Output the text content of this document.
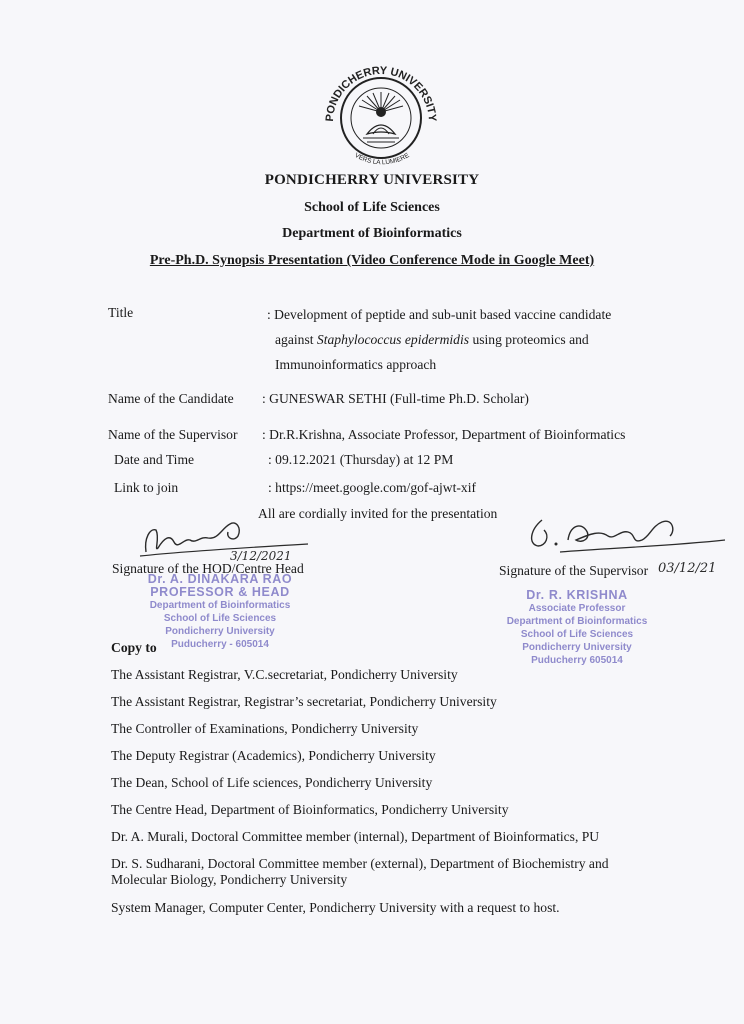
PONDICHERRY UNIVERSITY
VERS LA LUMIERE
PONDICHERRY UNIVERSITY
School of Life Sciences
Department of Bioinformatics
Pre-Ph.D. Synopsis Presentation (Video Conference Mode in Google Meet)
Title	: Development of peptide and sub-unit based vaccine candidate
against Staphylococcus epidermidis using proteomics and
Immunoinformatics approach
Name of the Candidate : GUNESWAR SETHI (Full-time Ph.D. Scholar)
Name of the Supervisor : Dr.R.Krishna, Associate Professor, Department of Bioinformatics
Date and Time	: 09.12.2021 (Thursday) at 12 PM
Link to join	: https://meet.google.com/gof-ajwt-xif
All are cordially invited for the presentation
3/12/2021
03/12/21
Signature of the HOD/Centre Head	Signature of the Supervisor
Dr. A. DINAKARA RAO
PROFESSOR & HEAD
Department of Bioinformatics
School of Life Sciences
Pondicherry University
Puducherry - 605014
Dr. R. KRISHNA
Associate Professor
Department of Bioinformatics
School of Life Sciences
Pondicherry University
Puducherry 605014
Copy to
The Assistant Registrar, V.C.secretariat, Pondicherry University
The Assistant Registrar, Registrar’s secretariat, Pondicherry University
The Controller of Examinations, Pondicherry University
The Deputy Registrar (Academics), Pondicherry University
The Dean, School of Life sciences, Pondicherry University
The Centre Head, Department of Bioinformatics, Pondicherry University
Dr. A. Murali, Doctoral Committee member (internal), Department of Bioinformatics, PU
Dr. S. Sudharani, Doctoral Committee member (external), Department of Biochemistry and
Molecular Biology, Pondicherry University
System Manager, Computer Center, Pondicherry University with a request to host.
